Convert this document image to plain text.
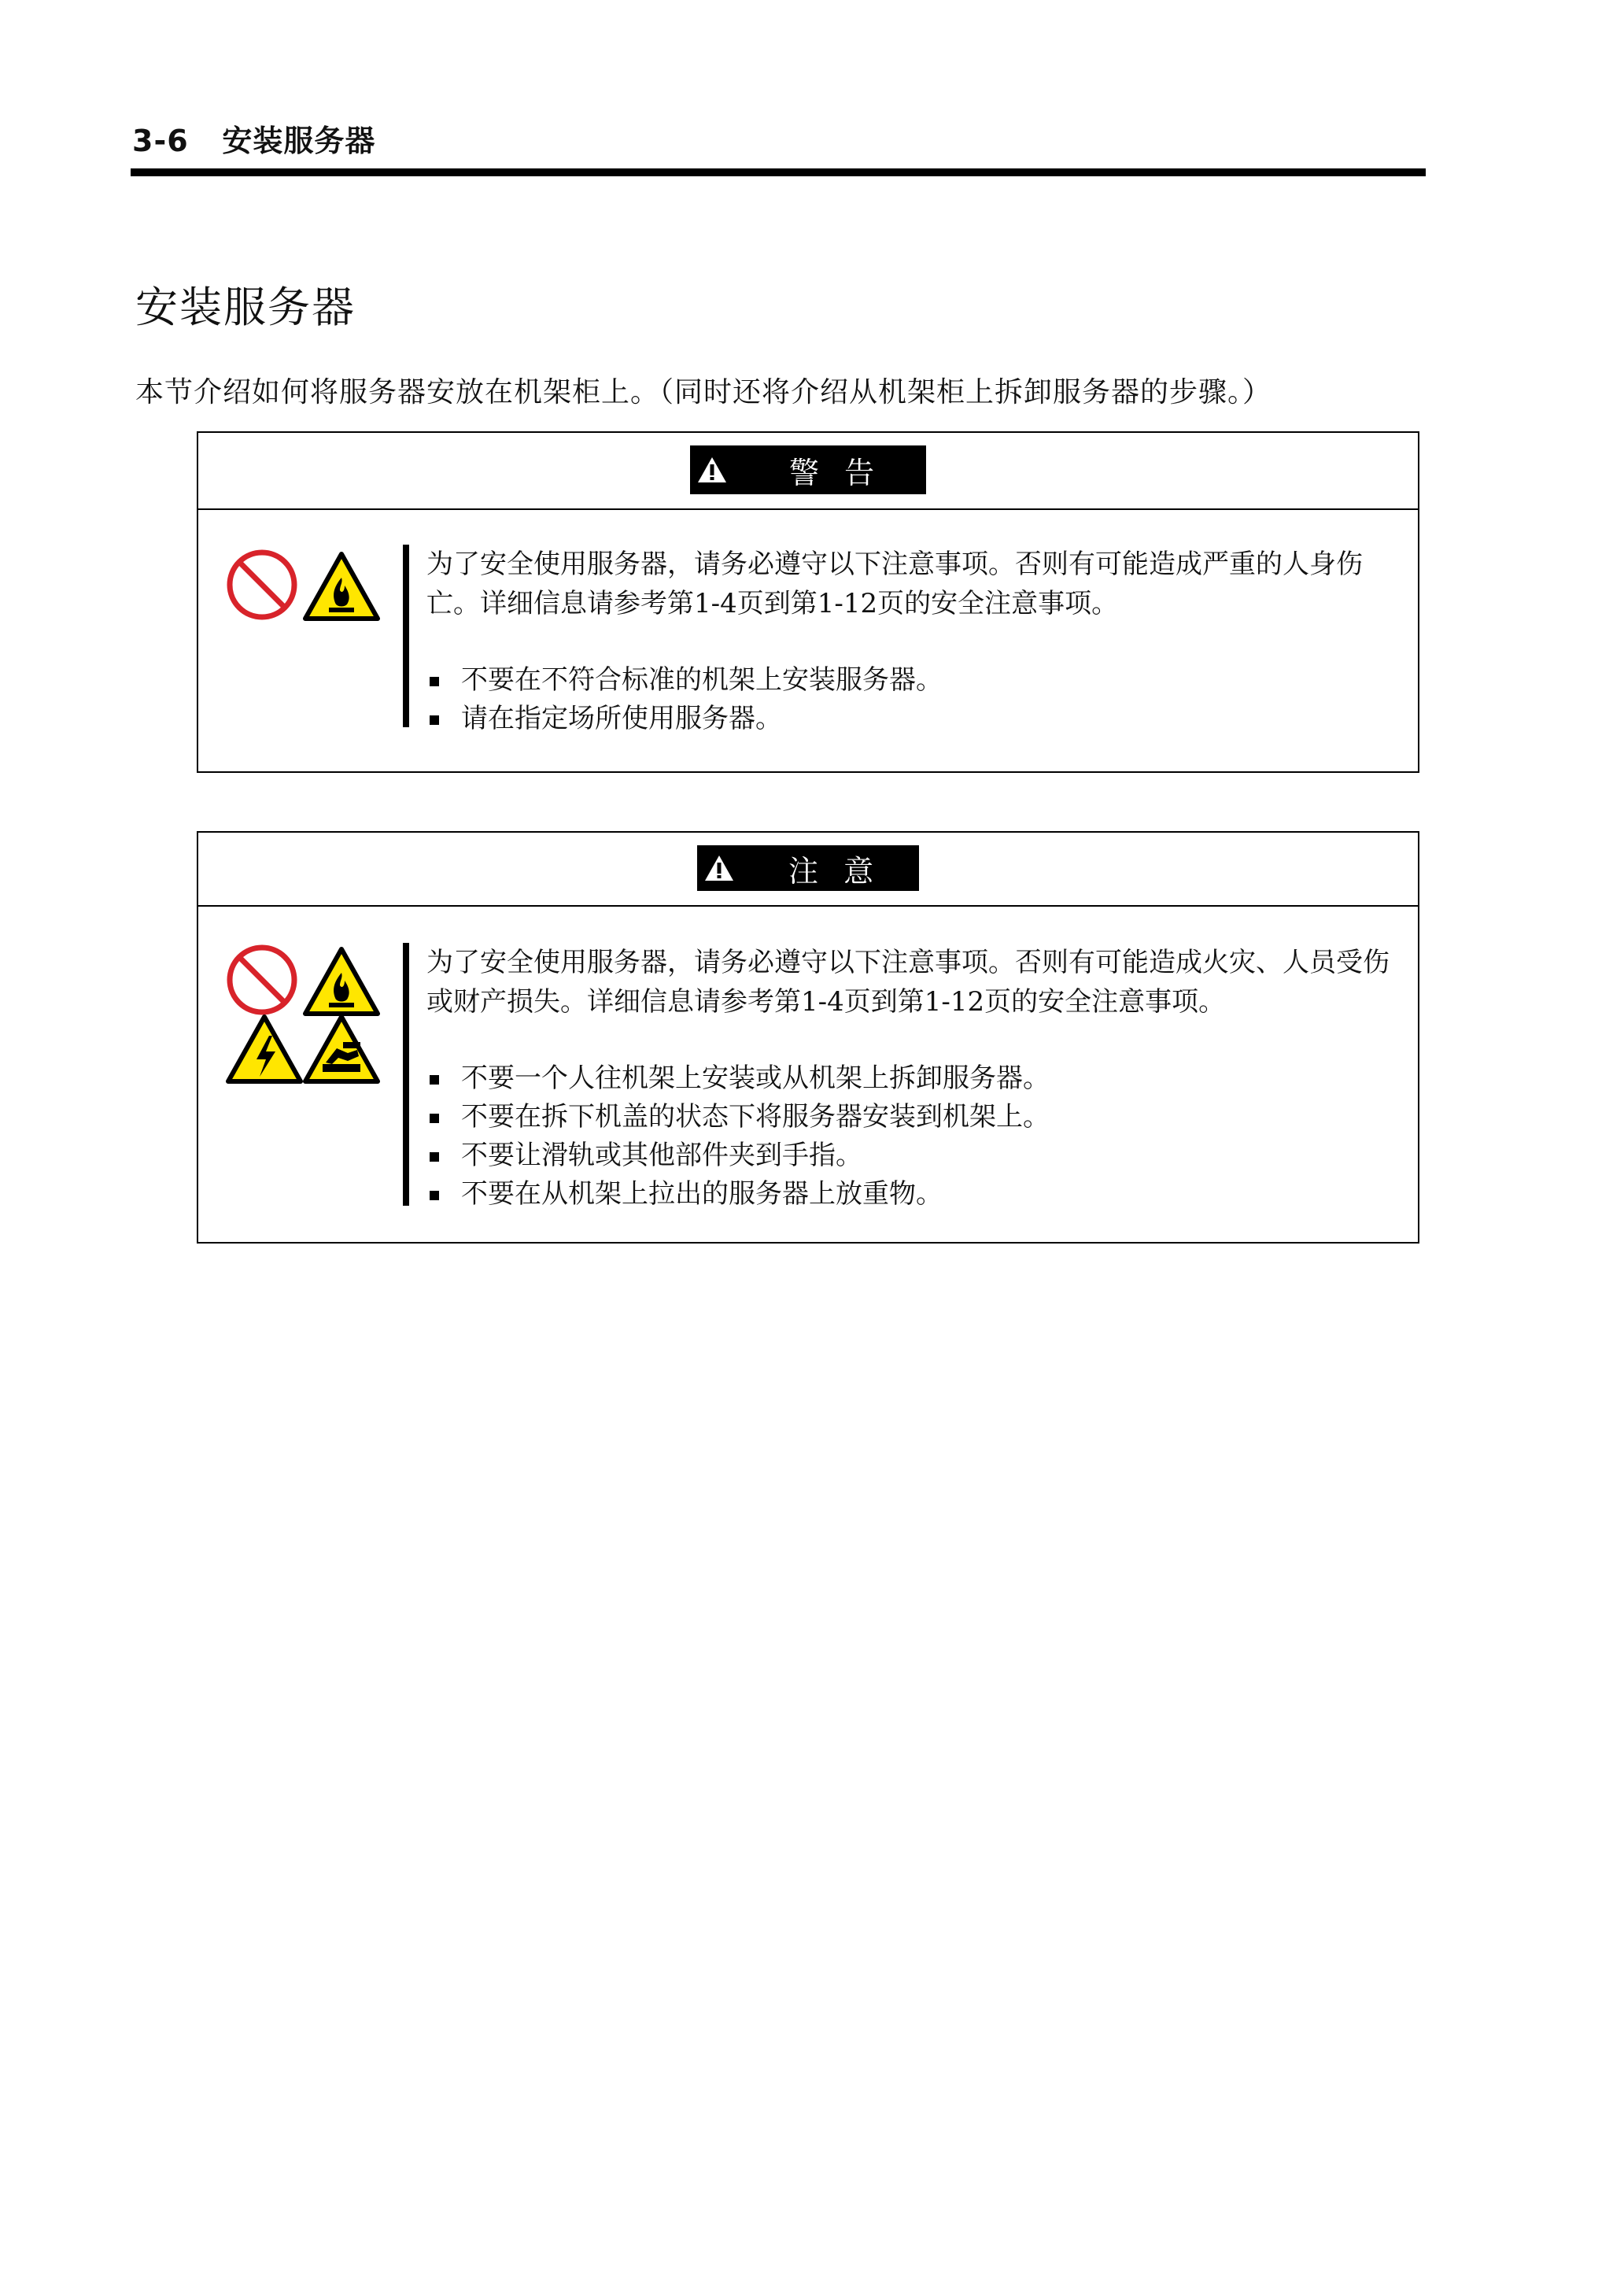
3-6 安装服务器
安装服务器
本节介绍如何将服务器安放在机架柜上。（同时还将介绍从机架柜上拆卸服务器的步骤。）
警 告

为了安全使用服务器，请务必遵守以下注意事项。否则有可能造成严重的人身伤亡。详细信息请参考第1-4页到第1-12页的安全注意事项。

不要在不符合标准的机架上安装服务器。
请在指定场所使用服务器。
注 意

为了安全使用服务器，请务必遵守以下注意事项。否则有可能造成火灾、人员受伤或财产损失。详细信息请参考第1-4页到第1-12页的安全注意事项。

不要一个人往机架上安装或从机架上拆卸服务器。
不要在拆下机盖的状态下将服务器安装到机架上。
不要让滑轨或其他部件夹到手指。
不要在从机架上拉出的服务器上放重物。
